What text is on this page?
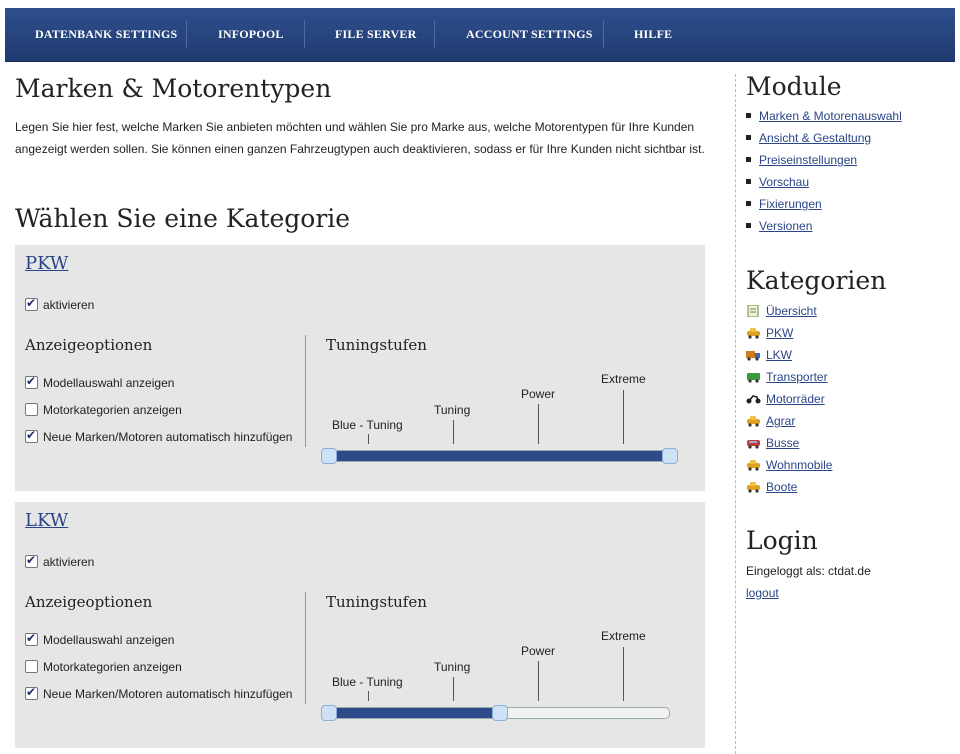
DATENBANK SETTINGS	INFOPOOL	FILE SERVER	ACCOUNT SETTINGS	HILFE
Marken & Motorentypen
Legen Sie hier fest, welche Marken Sie anbieten möchten und wählen Sie pro Marke aus, welche Motorentypen für Ihre Kunden angezeigt werden sollen. Sie können einen ganzen Fahrzeugtypen auch deaktivieren, sodass er für Ihre Kunden nicht sichtbar ist.
Wählen Sie eine Kategorie
PKW
✔aktivieren
Anzeigeoptionen
✔Modellauswahl anzeigen
Motorkategorien anzeigen
✔Neue Marken/Motoren automatisch hinzufügen
Tuningstufen
Blue - Tuning
Tuning
Power
Extreme
LKW
✔aktivieren
Anzeigeoptionen
✔Modellauswahl anzeigen
Motorkategorien anzeigen
✔Neue Marken/Motoren automatisch hinzufügen
Tuningstufen
Blue - Tuning
Tuning
Power
Extreme
Module
Marken & Motorenauswahl
Ansicht & Gestaltung
Preiseinstellungen
Vorschau
Fixierungen
Versionen
Kategorien
Übersicht
PKW
LKW
Transporter
Motorräder
Agrar
Busse
Wohnmobile
Boote
Login
Eingeloggt als: ctdat.de
logout
